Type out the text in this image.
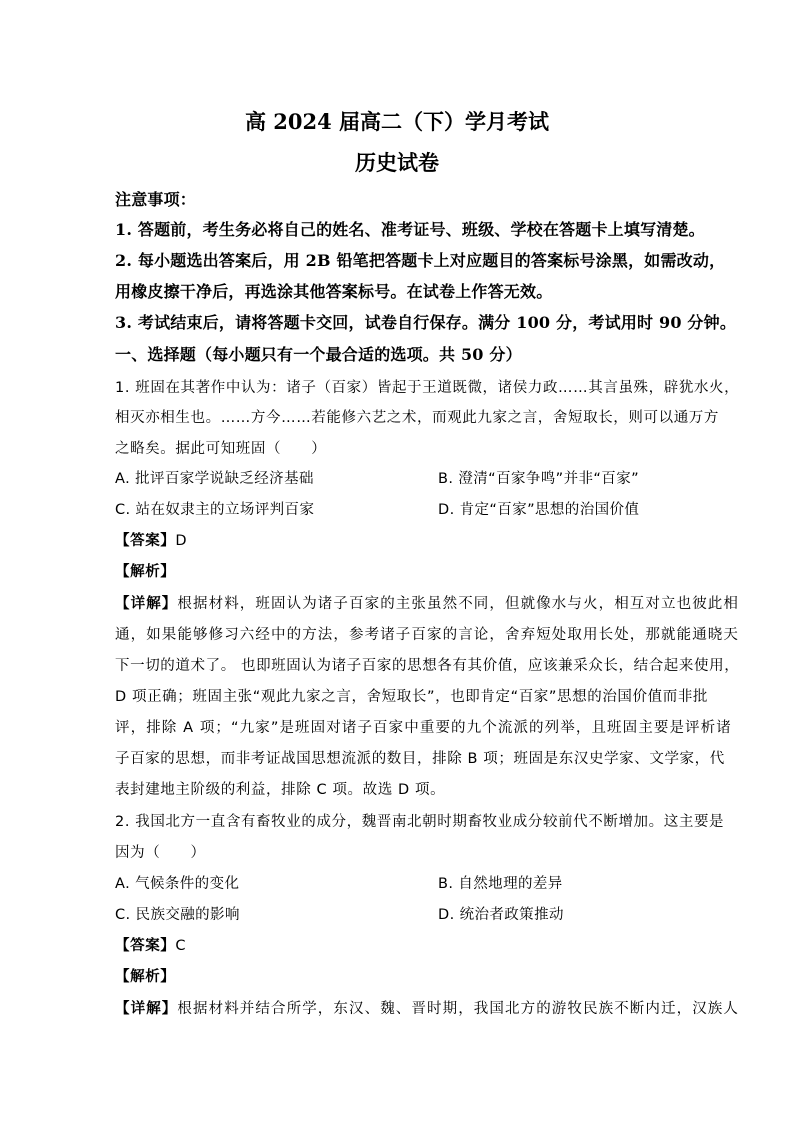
高 2024 届高二（下）学月考试
历史试卷
注意事项：
1. 答题前，考生务必将自己的姓名、准考证号、班级、学校在答题卡上填写清楚。
2. 每小题选出答案后，用 2B 铅笔把答题卡上对应题目的答案标号涂黑，如需改动，
用橡皮擦干净后，再选涂其他答案标号。在试卷上作答无效。
3. 考试结束后，请将答题卡交回，试卷自行保存。满分 100 分，考试用时 90 分钟。
一、选择题（每小题只有一个最合适的选项。共 50 分）
1. 班固在其著作中认为：诸子（百家）皆起于王道既微，诸侯力政……其言虽殊，辟犹水火，
相灭亦相生也。……方今……若能修六艺之术，而观此九家之言，舍短取长，则可以通万方
之略矣。据此可知班固（　　）
A. 批评百家学说缺乏经济基础	B. 澄清“百家争鸣”并非“百家”
C. 站在奴隶主的立场评判百家	D. 肯定“百家”思想的治国价值
【答案】D
【解析】
【详解】根据材料，班固认为诸子百家的主张虽然不同，但就像水与火，相互对立也彼此相
通，如果能够修习六经中的方法，参考诸子百家的言论，舍弃短处取用长处，那就能通晓天
下一切的道术了。 也即班固认为诸子百家的思想各有其价值，应该兼采众长，结合起来使用，
D 项正确；班固主张“观此九家之言，舍短取长”，也即肯定“百家”思想的治国价值而非批
评，排除 A 项；“九家”是班固对诸子百家中重要的九个流派的列举，且班固主要是评析诸
子百家的思想，而非考证战国思想流派的数目，排除 B 项；班固是东汉史学家、文学家，代
表封建地主阶级的利益，排除 C 项。故选 D 项。
2. 我国北方一直含有畜牧业的成分，魏晋南北朝时期畜牧业成分较前代不断增加。这主要是
因为（　　）
A. 气候条件的变化	B. 自然地理的差异
C. 民族交融的影响	D. 统治者政策推动
【答案】C
【解析】
【详解】根据材料并结合所学，东汉、魏、晋时期，我国北方的游牧民族不断内迁，汉族人
